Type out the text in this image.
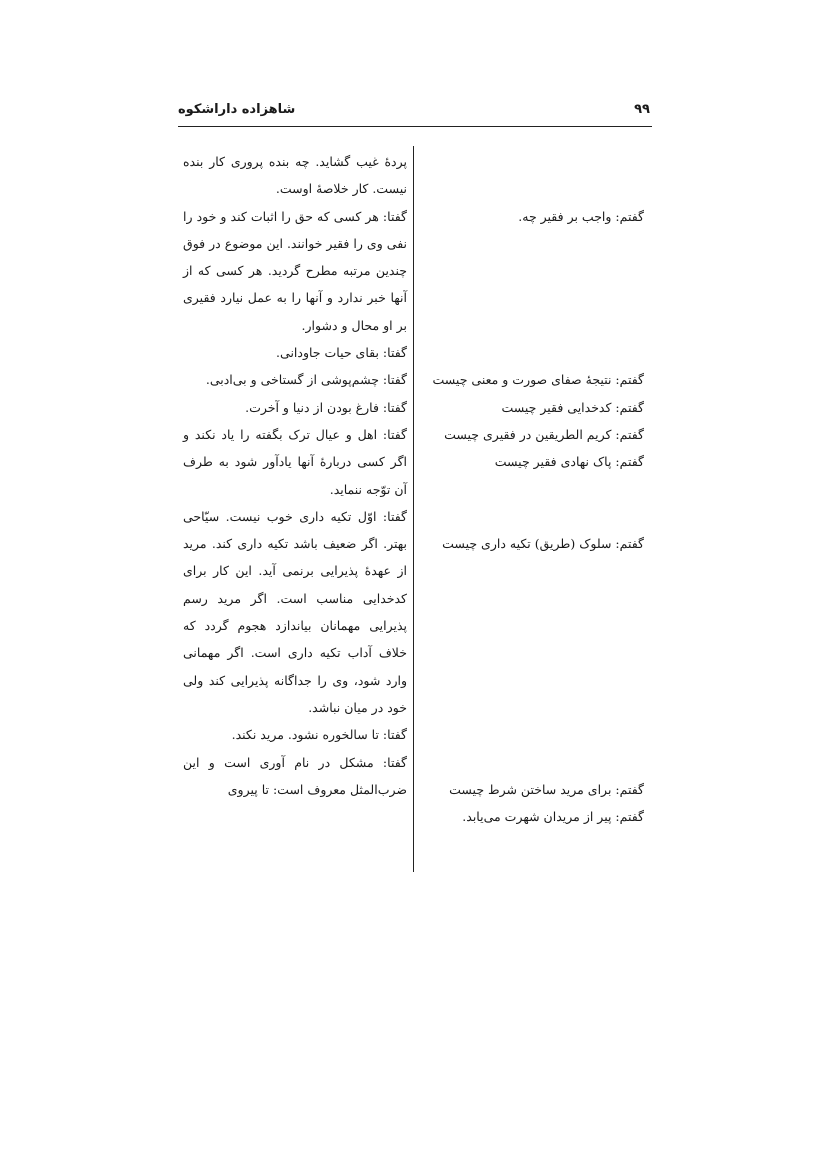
شاهزاده داراشکوه	۹۹

پردهٔ غیب گشاید. چه بنده پروری کار بنده نیست. کار خلاصهٔ اوست.

گفتا: هر کسی که حق را اثبات کند و خود را نفی وی را فقیر خوانند. این موضوع در فوق چندین مرتبه مطرح گردید. هر کسی که از آنها خبر ندارد و آنها را به عمل نیارد فقیری بر او محال و دشوار.

گفتا: بقای حیات جاودانی.

گفتا: چشم‌پوشی از گستاخی و بی‌ادبی.

گفتا: فارغ بودن از دنیا و آخرت.

گفتا: اهل و عیال ترک بگفته را یاد نکند و اگر کسی دربارهٔ آنها یادآور شود به طرف آن توّجه ننماید.

گفتا: اوّل تکیه داری خوب نیست. سیّاحی بهتر. اگر ضعیف باشد تکیه داری کند. مرید از عهدهٔ پذیرایی برنمی آید. این کار برای کدخدایی مناسب است. اگر مرید رسم پذیرایی مهمانان بیاندازد هجوم گردد که خلاف آداب تکیه داری است. اگر مهمانی وارد شود، وی را جداگانه پذیرایی کند ولی خود در میان نباشد.

گفتا: تا سالخوره نشود. مرید نکند.

گفتا: مشکل در نام آوری است و این ضرب‌المثل معروف است: تا پیروی

گفتم: واجب بر فقیر چه.
گفتم: نتیجهٔ صفای صورت و معنی چیست
گفتم: کدخدایی فقیر چیست
گفتم: کریم الطریقین در فقیری چیست
گفتم: پاک نهادی فقیر چیست
گفتم: سلوک (طریق) تکیه داری چیست
گفتم: برای مرید ساختن شرط چیست
گفتم: پیر از مریدان شهرت می‌یابد.
